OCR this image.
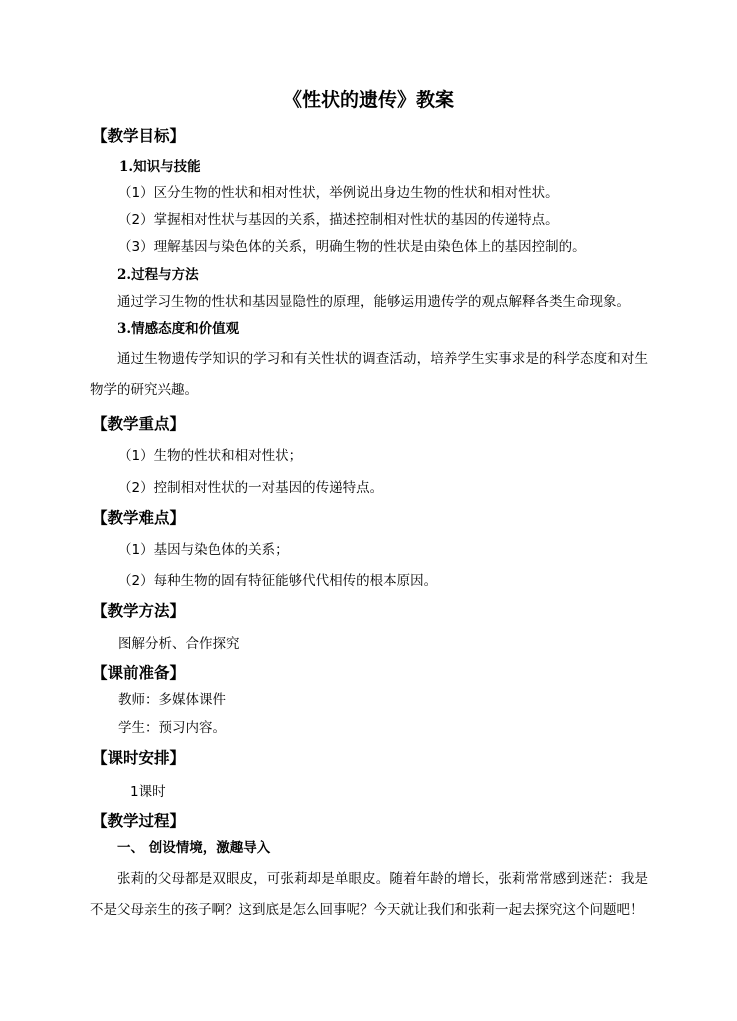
《性状的遗传》教案
【教学目标】
1.知识与技能
（1）区分生物的性状和相对性状，举例说出身边生物的性状和相对性状。
（2）掌握相对性状与基因的关系，描述控制相对性状的基因的传递特点。
（3）理解基因与染色体的关系，明确生物的性状是由染色体上的基因控制的。
2.过程与方法
通过学习生物的性状和基因显隐性的原理，能够运用遗传学的观点解释各类生命现象。
3.情感态度和价值观

通过生物遗传学知识的学习和有关性状的调查活动，培养学生实事求是的科学态度和对生物学的研究兴趣。

【教学重点】
（1）生物的性状和相对性状；
（2）控制相对性状的一对基因的传递特点。
【教学难点】
（1）基因与染色体的关系；
（2）每种生物的固有特征能够代代相传的根本原因。
【教学方法】
图解分析、合作探究
【课前准备】
教师：多媒体课件
学生：预习内容。
【课时安排】
1课时
【教学过程】
一、 创设情境，激趣导入

张莉的父母都是双眼皮，可张莉却是单眼皮。随着年龄的增长，张莉常常感到迷茫：我是不是父母亲生的孩子啊？这到底是怎么回事呢？今天就让我们和张莉一起去探究这个问题吧！
